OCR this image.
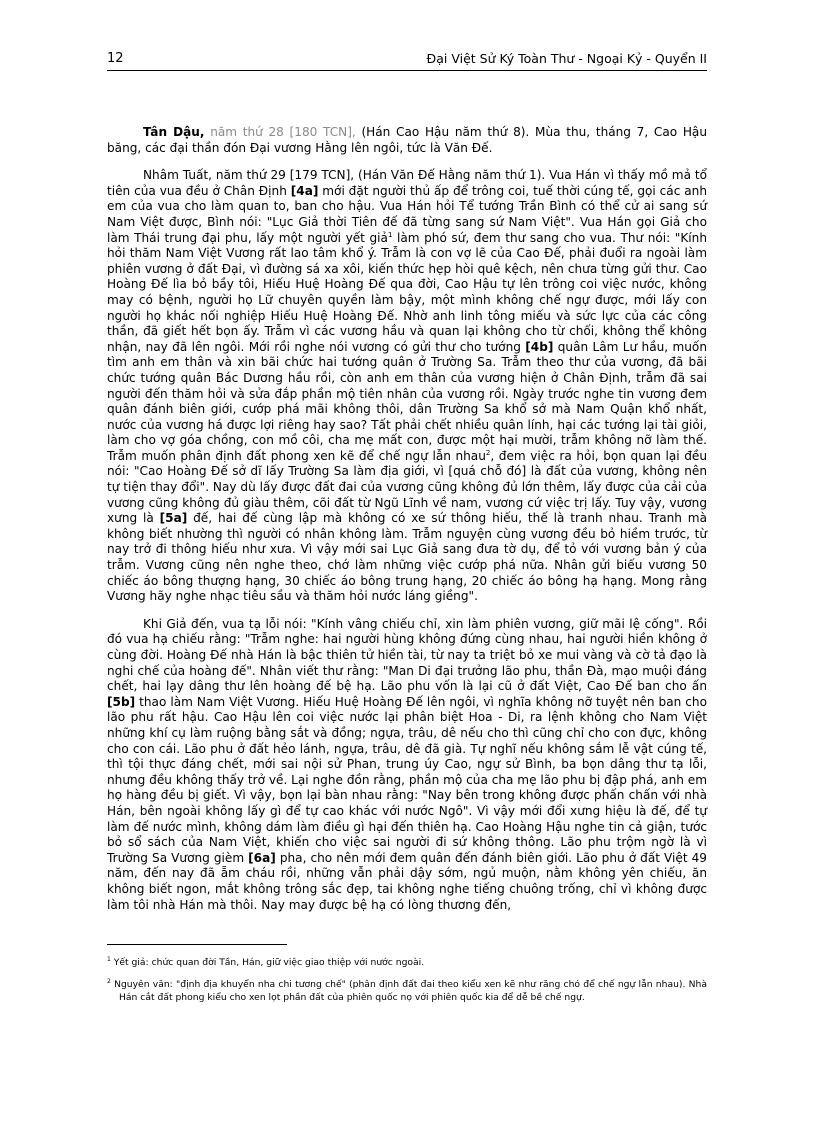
12	Đại Việt Sử Ký Toàn Thư - Ngoại Kỷ - Quyển II

Tân Dậu, năm thứ 28 [180 TCN], (Hán Cao Hậu năm thứ 8). Mùa thu, tháng 7, Cao Hậu băng, các đại thần đón Đại vương Hằng lên ngôi, tức là Văn Đế.

Nhâm Tuất, năm thứ 29 [179 TCN], (Hán Văn Đế Hằng năm thứ 1). Vua Hán vì thấy mồ mả tổ tiên của vua đều ở Chân Định [4a] mới đặt người thủ ấp để trông coi, tuế thời cúng tế, gọi các anh em của vua cho làm quan to, ban cho hậu. Vua Hán hỏi Tể tướng Trần Bình có thể cử ai sang sứ Nam Việt được, Bình nói: "Lục Giả thời Tiên đế đã từng sang sứ Nam Việt". Vua Hán gọi Giả cho làm Thái trung đại phu, lấy một người yết giả$^1$ làm phó sứ, đem thư sang cho vua. Thư nói: "Kính hỏi thăm Nam Việt Vương rất lao tâm khổ ý. Trẫm là con vợ lẽ của Cao Đế, phải đuổi ra ngoài làm phiên vương ở đất Đại, vì đường sá xa xôi, kiến thức hẹp hòi quê kệch, nên chưa từng gửi thư. Cao Hoàng Đế lìa bỏ bầy tôi, Hiếu Huệ Hoàng Đế qua đời, Cao Hậu tự lên trông coi việc nước, không may có bệnh, người họ Lữ chuyên quyền làm bậy, một mình không chế ngự được, mới lấy con người họ khác nối nghiệp Hiếu Huệ Hoàng Đế. Nhờ anh linh tông miếu và sức lực của các công thần, đã giết hết bọn ấy. Trẫm vì các vương hầu và quan lại không cho từ chối, không thể không nhận, nay đã lên ngôi. Mới rồi nghe nói vương có gửi thư cho tướng [4b] quân Lâm Lư hầu, muốn tìm anh em thân và xin bãi chức hai tướng quân ở Trường Sa. Trẫm theo thư của vương, đã bãi chức tướng quân Bác Dương hầu rồi, còn anh em thân của vương hiện ở Chân Định, trẫm đã sai người đến thăm hỏi và sửa đắp phần mộ tiên nhân của vương rồi. Ngày trước nghe tin vương đem quân đánh biên giới, cướp phá mãi không thôi, dân Trường Sa khổ sở mà Nam Quận khổ nhất, nước của vương há được lợi riêng hay sao? Tất phải chết nhiều quân lính, hại các tướng lại tài giỏi, làm cho vợ góa chồng, con mồ côi, cha mẹ mất con, được một hại mười, trẫm không nỡ làm thế. Trẫm muốn phân định đất phong xen kẽ để chế ngự lẫn nhau$^2$, đem việc ra hỏi, bọn quan lại đều nói: "Cao Hoàng Đế sở dĩ lấy Trường Sa làm địa giới, vì [quá chỗ đó] là đất của vương, không nên tự tiện thay đổi". Nay dù lấy được đất đai của vương cũng không đủ lớn thêm, lấy được của cải của vương cũng không đủ giàu thêm, cõi đất từ Ngũ Lĩnh về nam, vương cứ việc trị lấy. Tuy vậy, vương xưng là [5a] đế, hai đế cùng lập mà không có xe sứ thông hiếu, thế là tranh nhau. Tranh mà không biết nhường thì người có nhân không làm. Trẫm nguyện cùng vương đều bỏ hiềm trước, từ nay trở đi thông hiếu như xưa. Vì vậy mới sai Lục Giả sang đưa tờ dụ, để tỏ với vương bản ý của trẫm. Vương cũng nên nghe theo, chớ làm những việc cướp phá nữa. Nhân gửi biếu vương 50 chiếc áo bông thượng hạng, 30 chiếc áo bông trung hạng, 20 chiếc áo bông hạ hạng. Mong rằng Vương hãy nghe nhạc tiêu sầu và thăm hỏi nước láng giềng".

Khi Giả đến, vua tạ lỗi nói: "Kính vâng chiếu chỉ, xin làm phiên vương, giữ mãi lệ cống". Rồi đó vua hạ chiếu rằng: "Trẫm nghe: hai người hùng không đứng cùng nhau, hai người hiền không ở cùng đời. Hoàng Đế nhà Hán là bậc thiên tử hiền tài, từ nay ta triệt bỏ xe mui vàng và cờ tả đạo là nghi chế của hoàng đế". Nhân viết thư rằng: "Man Di đại trưởng lão phu, thần Đà, mạo muội đáng chết, hai lạy dâng thư lên hoàng đế bệ hạ. Lão phu vốn là lại cũ ở đất Việt, Cao Đế ban cho ấn [5b] thao làm Nam Việt Vương. Hiếu Huệ Hoàng Đế lên ngôi, vì nghĩa không nỡ tuyệt nên ban cho lão phu rất hậu. Cao Hậu lên coi việc nước lại phân biệt Hoa - Di, ra lệnh không cho Nam Việt những khí cụ làm ruộng bằng sắt và đồng; ngựa, trâu, dê nếu cho thì cũng chỉ cho con đực, không cho con cái. Lão phu ở đất hẻo lánh, ngựa, trâu, dê đã già. Tự nghĩ nếu không sắm lễ vật cúng tế, thì tội thực đáng chết, mới sai nội sử Phan, trung úy Cao, ngự sử Bình, ba bọn dâng thư tạ lỗi, nhưng đều không thấy trở về. Lại nghe đồn rằng, phần mộ của cha mẹ lão phu bị đập phá, anh em họ hàng đều bị giết. Vì vậy, bọn lại bàn nhau rằng: "Nay bên trong không được phấn chấn với nhà Hán, bên ngoài không lấy gì để tự cao khác với nước Ngô". Vì vậy mới đổi xưng hiệu là đế, để tự làm đế nước mình, không dám làm điều gì hại đến thiên hạ. Cao Hoàng Hậu nghe tin cả giận, tước bỏ sổ sách của Nam Việt, khiến cho việc sai người đi sứ không thông. Lão phu trộm ngờ là vì Trường Sa Vương gièm [6a] pha, cho nên mới đem quân đến đánh biên giới. Lão phu ở đất Việt 49 năm, đến nay đã ẵm cháu rồi, những vẫn phải dậy sớm, ngủ muộn, nằm không yên chiếu, ăn không biết ngon, mắt không trông sắc đẹp, tai không nghe tiếng chuông trống, chỉ vì không được làm tôi nhà Hán mà thôi. Nay may được bệ hạ có lòng thương đến,

$^1$ Yết giả: chức quan đời Tần, Hán, giữ việc giao thiệp với nước ngoài.
$^2$ Nguyên văn: "định địa khuyển nha chi tương chế" (phân định đất đai theo kiểu xen kẽ như răng chó để chế ngự lẫn nhau). Nhà Hán cắt đất phong kiểu cho xen lọt phần đất của phiên quốc nọ với phiên quốc kia để dễ bề chế ngự.
